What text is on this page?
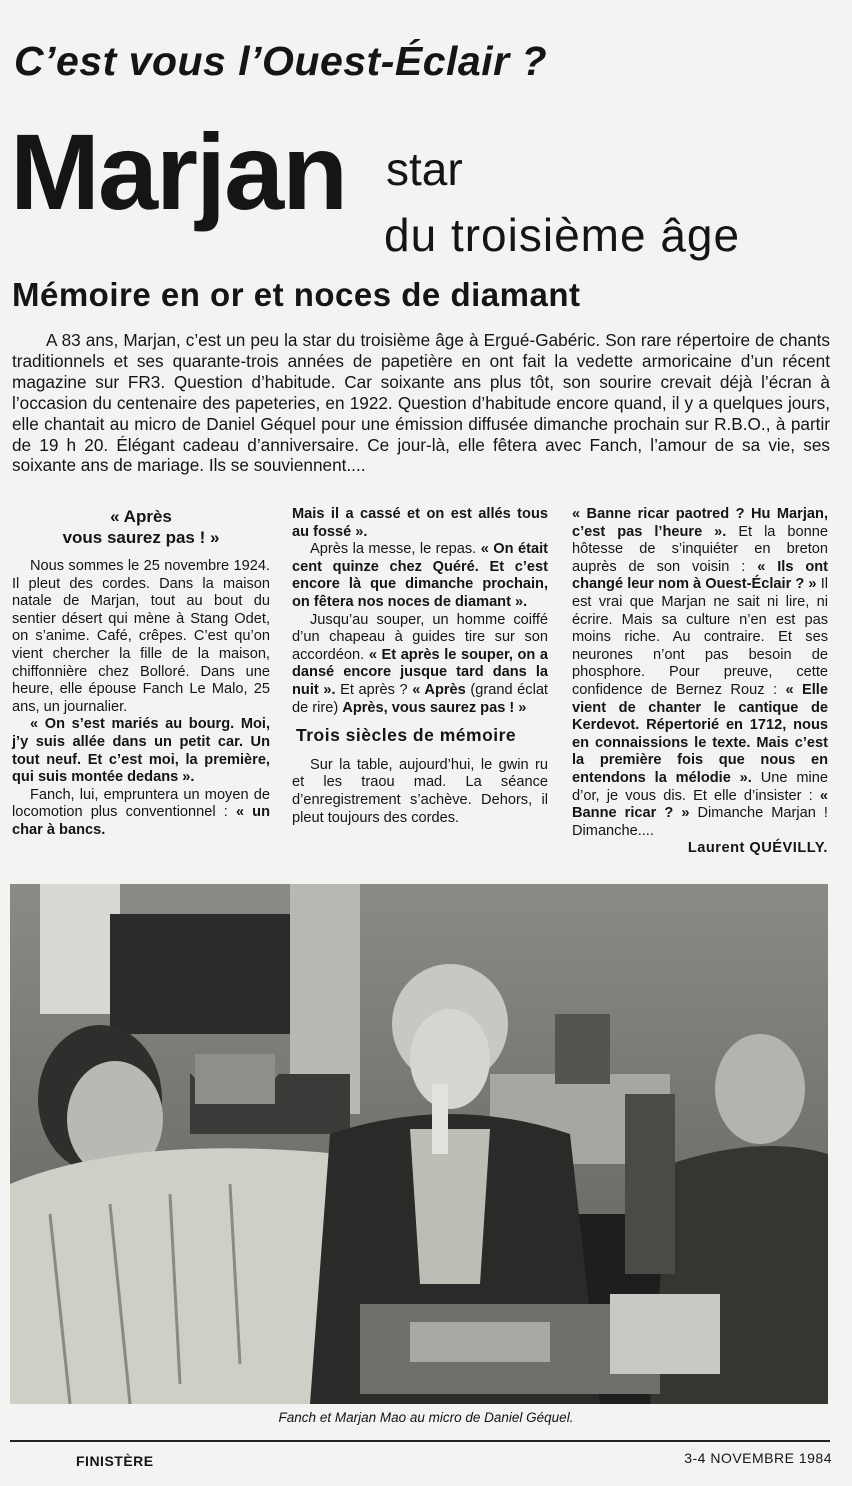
C’est vous l’Ouest-Éclair ?
Marjan star
du troisième âge
Mémoire en or et noces de diamant

A 83 ans, Marjan, c’est un peu la star du troisième âge à Ergué-Gabéric. Son rare répertoire de chants traditionnels et ses quarante-trois années de papetière en ont fait la vedette armoricaine d’un récent magazine sur FR3. Question d’habitude. Car soixante ans plus tôt, son sourire crevait déjà l’écran à l’occasion du centenaire des papeteries, en 1922. Question d’habitude encore quand, il y a quelques jours, elle chantait au micro de Daniel Géquel pour une émission diffusée dimanche prochain sur R.B.O., à partir de 19 h 20. Élégant cadeau d’anniversaire. Ce jour-là, elle fêtera avec Fanch, l’amour de sa vie, ses soixante ans de mariage. Ils se souviennent....

« Après
vous saurez pas ! »

Nous sommes le 25 novembre 1924. Il pleut des cordes. Dans la maison natale de Marjan, tout au bout du sentier désert qui mène à Stang Odet, on s’anime. Café, crêpes. C’est qu’on vient chercher la fille de la maison, chiffonnière chez Bolloré. Dans une heure, elle épouse Fanch Le Malo, 25 ans, un journalier.

« On s’est mariés au bourg. Moi, j’y suis allée dans un petit car. Un tout neuf. Et c’est moi, la première, qui suis montée dedans ».

Fanch, lui, empruntera un moyen de locomotion plus conventionnel : « un char à bancs.

Mais il a cassé et on est allés tous au fossé ».

Après la messe, le repas. « On était cent quinze chez Quéré. Et c’est encore là que dimanche prochain, on fêtera nos noces de diamant ».

Jusqu’au souper, un homme coiffé d’un chapeau à guides tire sur son accordéon. « Et après le souper, on a dansé encore jusque tard dans la nuit ». Et après ? « Après (grand éclat de rire) Après, vous saurez pas ! »

Trois siècles de mémoire

Sur la table, aujourd’hui, le gwin ru et les traou mad. La séance d’enregistrement s’achève. Dehors, il pleut toujours des cordes.

« Banne ricar paotred ? Hu Marjan, c’est pas l’heure ». Et la bonne hôtesse de s’inquiéter en breton auprès de son voisin : « Ils ont changé leur nom à Ouest-Éclair ? » Il est vrai que Marjan ne sait ni lire, ni écrire. Mais sa culture n’en est pas moins riche. Au contraire. Et ses neurones n’ont pas besoin de phosphore. Pour preuve, cette confidence de Bernez Rouz : « Elle vient de chanter le cantique de Kerdevot. Répertorié en 1712, nous en connaissions le texte. Mais c’est la première fois que nous en entendons la mélodie ». Une mine d’or, je vous dis. Et elle d’insister : « Banne ricar ? » Dimanche Marjan ! Dimanche....

Laurent QUÉVILLY.

Fanch et Marjan Mao au micro de Daniel Géquel.
FINISTÈRE	3-4 NOVEMBRE 1984
